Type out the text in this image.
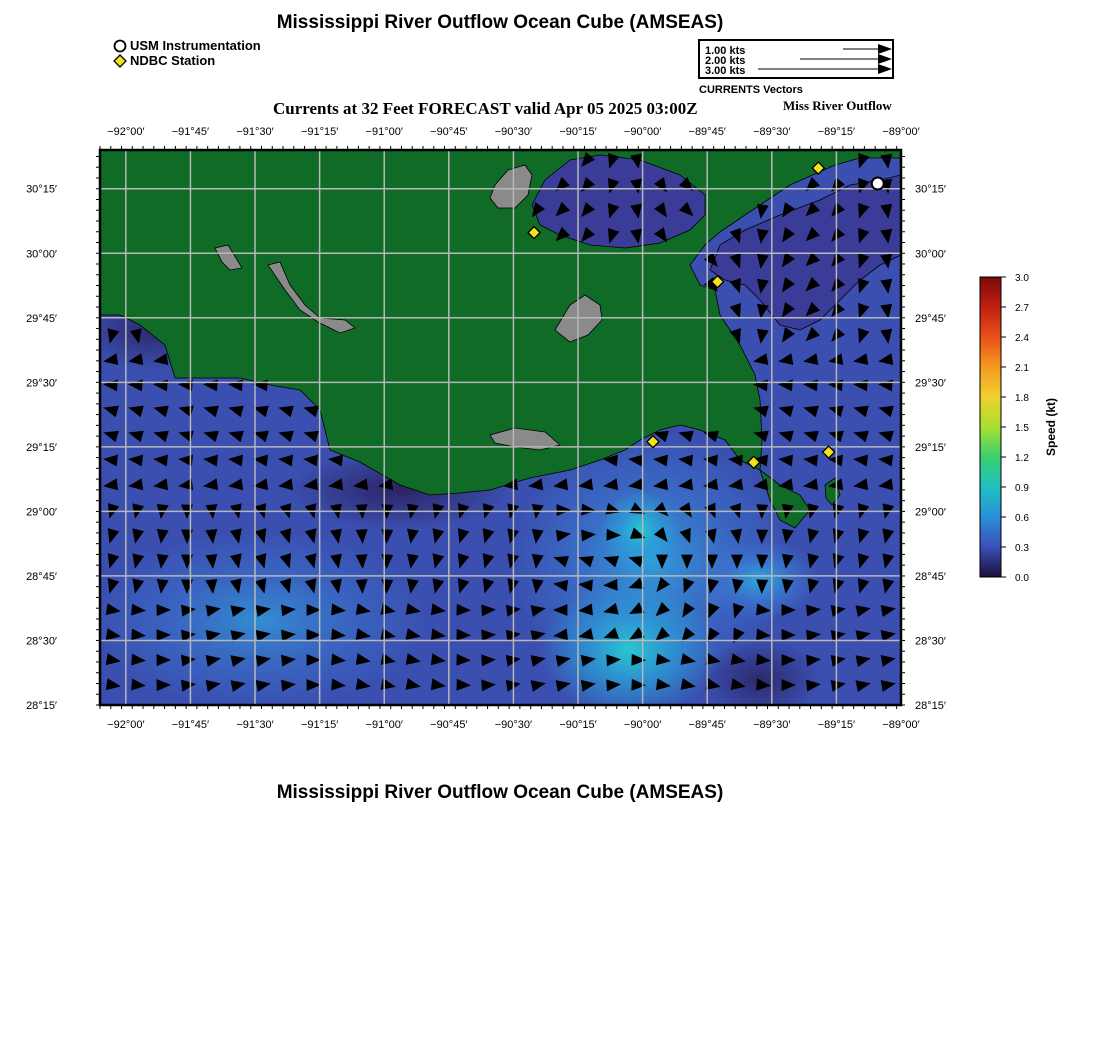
Mississippi River Outflow Ocean Cube (AMSEAS)
Mississippi River Outflow Ocean Cube (AMSEAS)
USM Instrumentation
NDBC Station
1.00 kts
2.00 kts
3.00 kts
CURRENTS Vectors
Currents at 32 Feet FORECAST valid Apr 05 2025 03:00Z	Miss River Outflow
−92°00′ −91°45′ −91°30′ −91°15′ −91°00′ −90°45′ −90°30′ −90°15′ −90°00′ −89°45′ −89°30′ −89°15′ −89°00′
−92°00′ −91°45′ −91°30′ −91°15′ −91°00′ −90°45′ −90°30′ −90°15′ −90°00′ −89°45′ −89°30′ −89°15′ −89°00′
30°15′
30°00′
29°45′
29°30′
29°15′
29°00′
28°45′
28°30′
28°15′
30°15′
30°00′
29°45′
29°30′
29°15′
29°00′
28°45′
28°30′
28°15′
3.0
2.7
2.4
2.1
1.8
1.5
1.2
0.9
0.6
0.3
0.0
Speed (kt)
